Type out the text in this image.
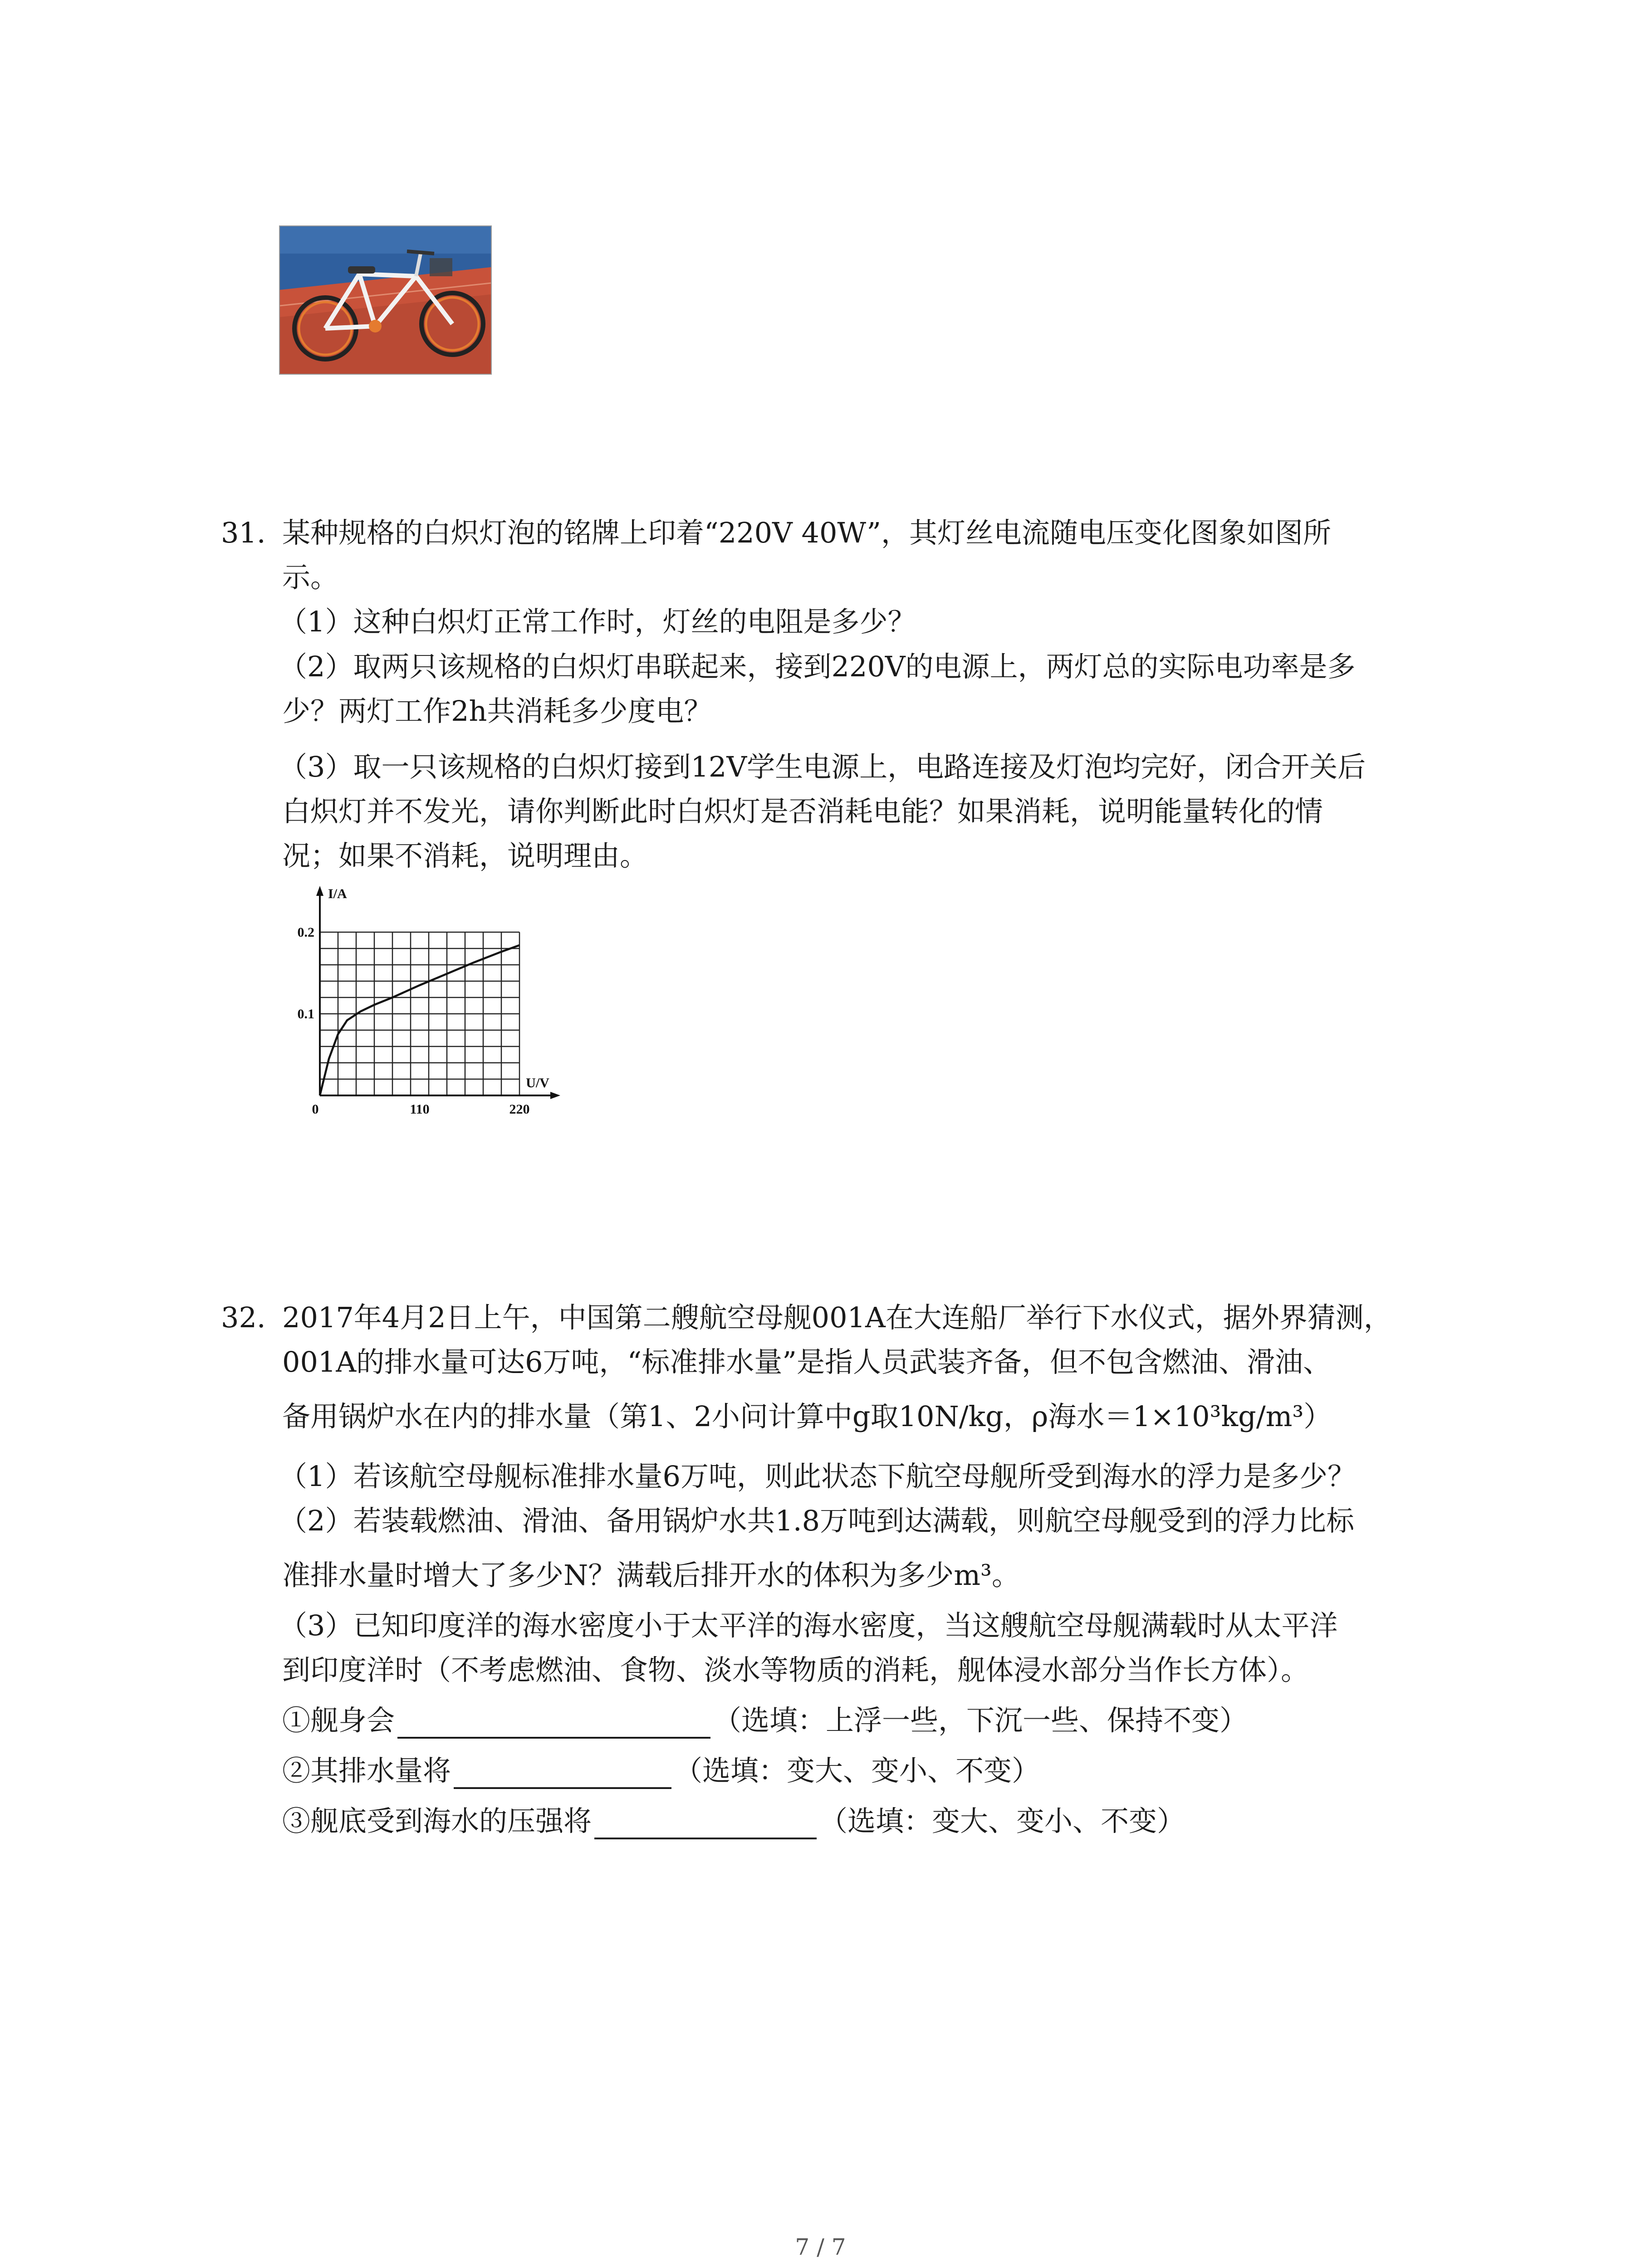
31. 某种规格的白炽灯泡的铭牌上印着“220V 40W”，其灯丝电流随电压变化图象如图所
示。
（1）这种白炽灯正常工作时，灯丝的电阻是多少？
（2）取两只该规格的白炽灯串联起来，接到220V的电源上，两灯总的实际电功率是多
少？两灯工作2h共消耗多少度电？
（3）取一只该规格的白炽灯接到12V学生电源上，电路连接及灯泡均完好，闭合开关后
白炽灯并不发光，请你判断此时白炽灯是否消耗电能？如果消耗，说明能量转化的情
况；如果不消耗，说明理由。
0	110	220
0.1
0.2
U/V
I/A
32. 2017年4月2日上午，中国第二艘航空母舰001A在大连船厂举行下水仪式，据外界猜测，
001A的排水量可达6万吨，“标准排水量”是指人员武装齐备，但不包含燃油、滑油、
备用锅炉水在内的排水量（第1、2小问计算中g取10N/kg，ρ海水＝1×10³kg/m³）
（1）若该航空母舰标准排水量6万吨，则此状态下航空母舰所受到海水的浮力是多少？
（2）若装载燃油、滑油、备用锅炉水共1.8万吨到达满载，则航空母舰受到的浮力比标
准排水量时增大了多少N？满载后排开水的体积为多少m³。
（3）已知印度洋的海水密度小于太平洋的海水密度，当这艘航空母舰满载时从太平洋
到印度洋时（不考虑燃油、食物、淡水等物质的消耗，舰体浸水部分当作长方体）。
①舰身会	（选填：上浮一些，下沉一些、保持不变）
②其排水量将	（选填：变大、变小、不变）
③舰底受到海水的压强将	（选填：变大、变小、不变）
7 / 7
